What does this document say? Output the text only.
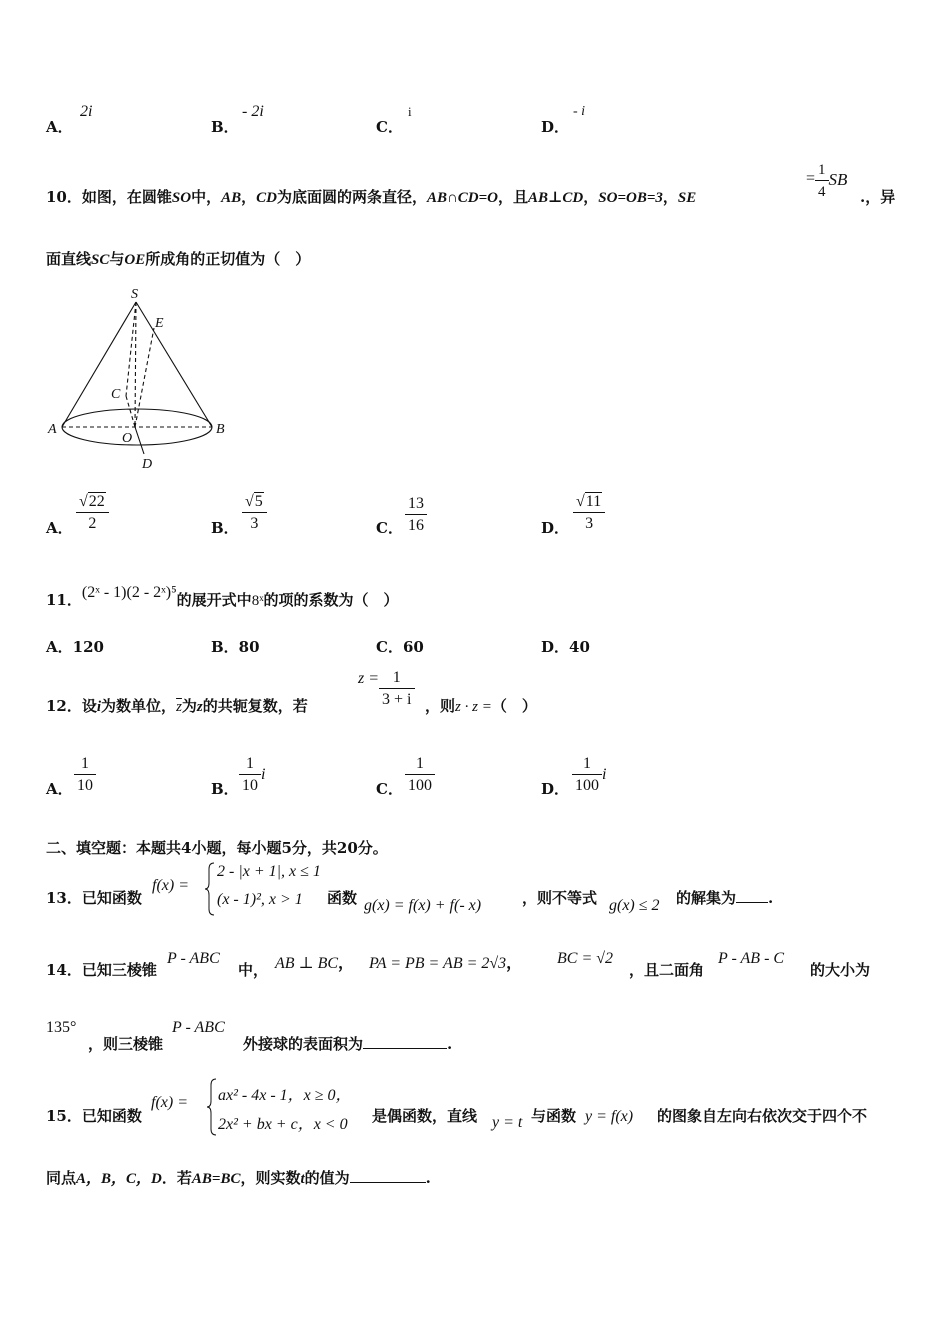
A．
2i
B．
- 2i
C．
i
D．
- i
10．如图，在圆锥SO中，AB，CD为底面圆的两条直径，AB∩CD=O，且AB⊥CD，SO=OB=3，SE
= $\frac{1}{4}$ SB
.，异
面直线SC与OE所成角的正切值为（　）
S
E
C
A
O
B
D
A． $\frac{√22}{2}$	B． $\frac{√5}{3}$	C． $\frac{13}{16}$	D． $\frac{√11}{3}$
11．(2ˣ - 1)(2 - 2ˣ)⁵的展开式中8ˣ的项的系数为（　）
A．120	B．80	C．60	D．40
12．设i为数单位，$\overline{z}$为z的共轭复数，若
$z = \frac{1}{3 + i}$ ，则z · z =（　）
A． $\frac{1}{10}$	B． $\frac{1}{10}$ i
C． $\frac{1}{100}$	D． $\frac{1}{100}$ i
二、填空题：本题共4小题，每小题5分，共20分。
13．已知函数
f(x) =
2 - |x + 1|, x ≤ 1
(x - 1)², x > 1 函数 g(x) = f(x) + f(- x)	，则不等式 g(x) ≤ 2 的解集为 .
14．已知三棱锥
P - ABC
中， AB ⊥ BC， PA = PB = AB = 2√3， BC = √2
，且二面角
P - AB - C
的大小为
135°
，则三棱锥
P - ABC
外接球的表面积为	.
15．已知函数
f(x) = ax² - 4x - 1，x ≥ 0，
2x² + bx + c，x < 0 是偶函数，直线 y = t 与函数 y = f(x) 的图象自左向右依次交于四个不
同点A，B，C，D．若AB=BC，则实数t的值为	.
